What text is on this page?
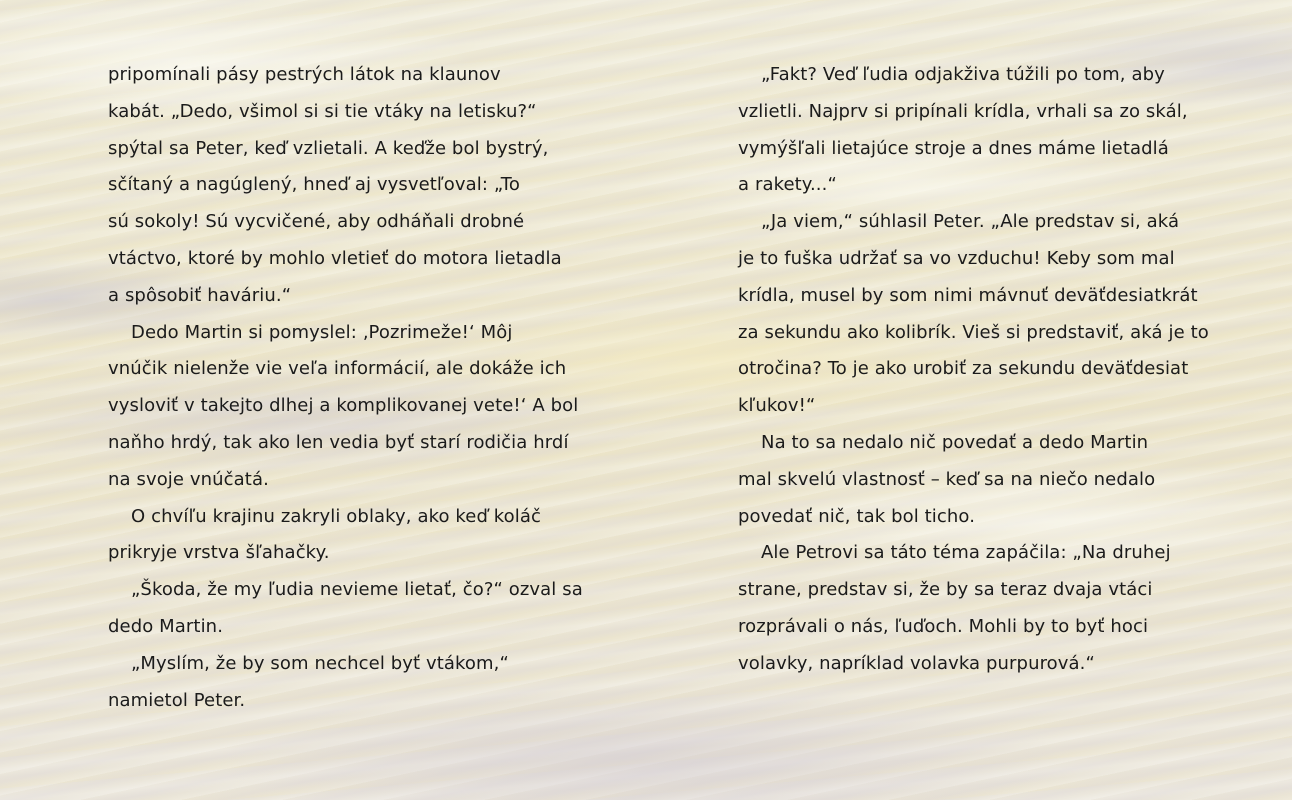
pripomínali pásy pestrých látok na klaunov
kabát. „Dedo, všimol si si tie vtáky na letisku?“
spýtal sa Peter, keď vzlietali. A keďže bol bystrý,
sčítaný a nagúglený, hneď aj vysvetľoval: „To
sú sokoly! Sú vycvičené, aby odháňali drobné
vtáctvo, ktoré by mohlo vletieť do motora lietadla
a spôsobiť haváriu.“
Dedo Martin si pomyslel: ‚Pozrimeže!‘ Môj
vnúčik nielenže vie veľa informácií, ale dokáže ich
vysloviť v takejto dlhej a komplikovanej vete!‘ A bol
naňho hrdý, tak ako len vedia byť starí rodičia hrdí
na svoje vnúčatá.
O chvíľu krajinu zakryli oblaky, ako keď koláč
prikryje vrstva šľahačky.
„Škoda, že my ľudia nevieme lietať, čo?“ ozval sa
dedo Martin.
„Myslím, že by som nechcel byť vtákom,“
namietol Peter.
„Fakt? Veď ľudia odjakživa túžili po tom, aby
vzlietli. Najprv si pripínali krídla, vrhali sa zo skál,
vymýšľali lietajúce stroje a dnes máme lietadlá
a rakety...“
„Ja viem,“ súhlasil Peter. „Ale predstav si, aká
je to fuška udržať sa vo vzduchu! Keby som mal
krídla, musel by som nimi mávnuť deväťdesiatkrát
za sekundu ako kolibrík. Vieš si predstaviť, aká je to
otročina? To je ako urobiť za sekundu deväťdesiat
kľukov!“
Na to sa nedalo nič povedať a dedo Martin
mal skvelú vlastnosť – keď sa na niečo nedalo
povedať nič, tak bol ticho.
Ale Petrovi sa táto téma zapáčila: „Na druhej
strane, predstav si, že by sa teraz dvaja vtáci
rozprávali o nás, ľuďoch. Mohli by to byť hoci
volavky, napríklad volavka purpurová.“
